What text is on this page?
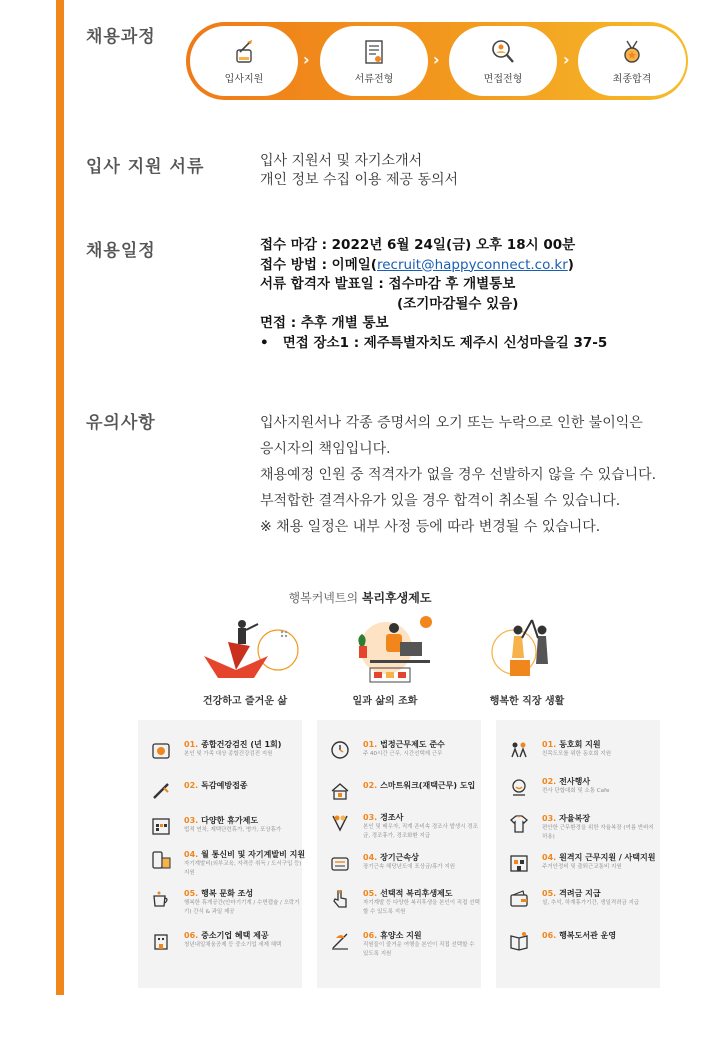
채용과정
입사지원
›
서류전형
›
면접전형
›
최종합격
입사 지원 서류	입사 지원서 및 자기소개서
개인 정보 수집 이용 제공 동의서
채용일정	접수 마감 : 2022년 6월 24일(금) 오후 18시 00분
접수 방법 : 이메일(recruit@happyconnect.co.kr)
서류 합격자 발표일 : 접수마감 후 개별통보
(조기마감될수 있음)
면접 : 추후 개별 통보
•   면접 장소1 : 제주특별자치도 제주시 신성마을길 37-5
유의사항	입사지원서나 각종 증명서의 오기 또는 누락으로 인한 불이익은
응시자의 책임입니다.
채용예정 인원 중 적격자가 없을 경우 선발하지 않을 수 있습니다.
부적합한 결격사유가 있을 경우 합격이 취소될 수 있습니다.
※ 채용 일정은 내부 사정 등에 따라 변경될 수 있습니다.
행복커넥트의 복리후생제도
건강하고 즐거운 삶	일과 삶의 조화	행복한 직장 생활
01. 종합건강검진 (년 1회)
본인 및 가족 대상 종합건강검진 지원
02. 독감예방접종
03. 다양한 휴가제도
법적 연차, 제택단련휴가, 병가, 포상휴가
04. 월 통신비 및 자기계발비 지원
자기계발비(외부교육, 자격증 취득 / 도서구입 등) 지원
05. 행복 문화 조성
행복한 휴게공간(안마기기계 / 수면캡슐 / 오락기기) 간식 & 과일 제공
06. 중소기업 혜택 제공
청년내일채움공제 등 중소기업 세제 혜택
01. 법정근무제도 준수
주 40시간 근무, 시간선택제 근무
02. 스마트워크(재택근무) 도입
03. 경조사
본인 및 배우자, 직계 존비속 경조사 발생시 경조금, 경조휴가, 경조화환 지급
04. 장기근속상
장기근속 해당년도에 포상금/휴가 지원
05. 선택적 복리후생제도
자기계발 등 다양한 복리후생을 본인이 직접 선택할 수 있도록 지원
06. 휴양소 지원
직원들이 즐거운 여행을 본인이 직접 선택할 수 있도록 지원
01. 동호회 지원
친목도모를 위한 동호회 지원
02. 전사행사
전사 단합대회 및 소통 Cafe
03. 자율복장
편안한 근무환경을 위한 자율복장 (여름 반바지 허용)
04. 원격지 근무지원 / 사택지원
주거안정비 및 출퇴근교통비 지원
05. 격려금 지급
설, 추석, 하계휴가기간, 생일격려금 지급
06. 행복도서관 운영
